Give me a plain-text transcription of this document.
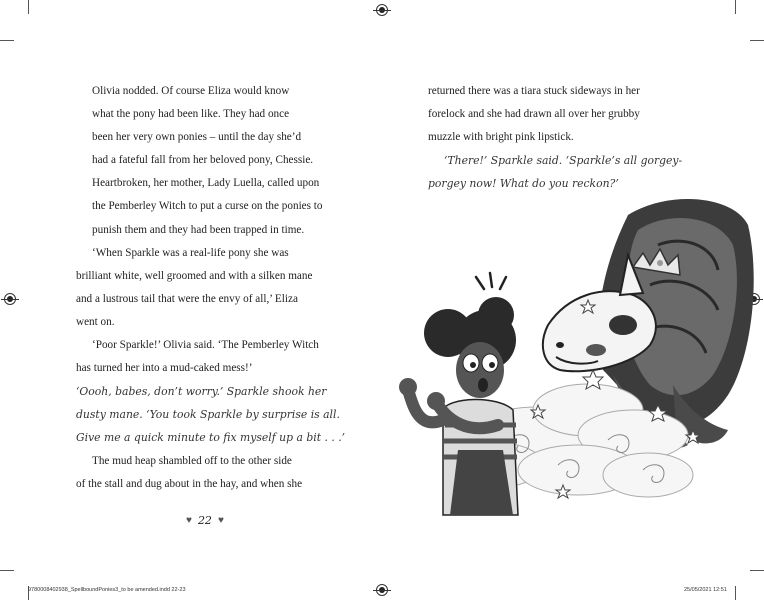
Olivia nodded. Of course Eliza would know
what the pony had been like. They had once
been her very own ponies – until the day she’d
had a fateful fall from her beloved pony, Chessie.
Heartbroken, her mother, Lady Luella, called upon
the Pemberley Witch to put a curse on the ponies to
punish them and they had been trapped in time.

‘When Sparkle was a real-life pony she was
brilliant white, well groomed and with a silken mane
and a lustrous tail that were the envy of all,’ Eliza
went on.

‘Poor Sparkle!’ Olivia said. ‘The Pemberley Witch
has turned her into a mud-caked mess!’

‘Oooh, babes, don’t worry.’ Sparkle shook her
dusty mane. ‘You took Sparkle by surprise is all.
Give me a quick minute to fix myself up a bit . . .’

The mud heap shambled off to the other side
of the stall and dug about in the hay, and when she

♥ 22 ♥

returned there was a tiara stuck sideways in her
forelock and she had drawn all over her grubby
muzzle with bright pink lipstick.

‘There!’ Sparkle said. ‘Sparkle’s all gorgey-
porgey now! What do you reckon?’

9780008402938_SpellboundPonies3_to be amended.indd 22-23	25/05/2021 12:51
